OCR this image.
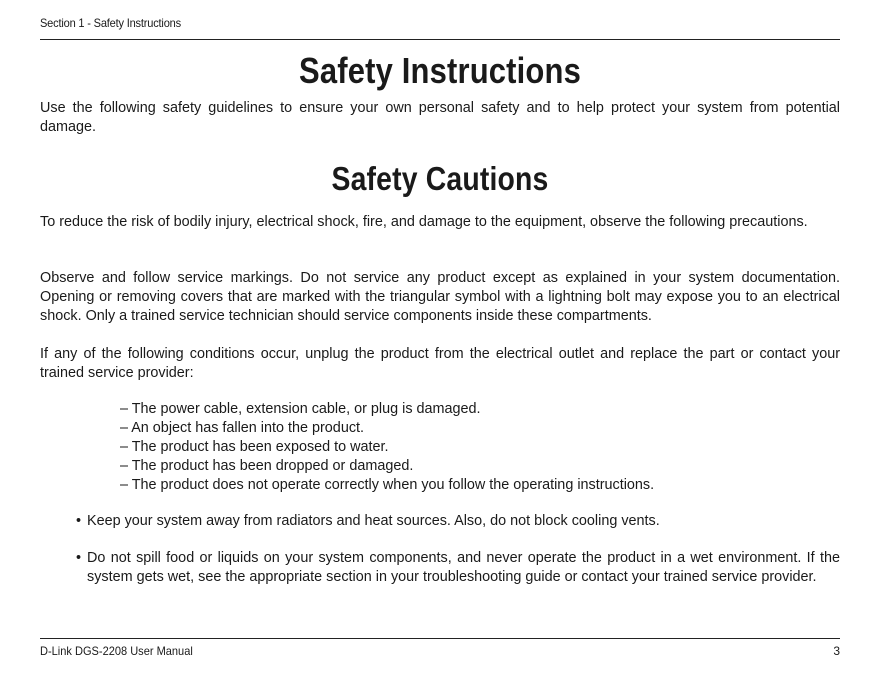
Section 1 - Safety Instructions
Safety Instructions

Use the following safety guidelines to ensure your own personal safety and to help protect your system from potential damage.

Safety Cautions

To reduce the risk of bodily injury, electrical shock, fire, and damage to the equipment, observe the following precautions.

Observe and follow service markings. Do not service any product except as explained in your system documentation. Opening or removing covers that are marked with the triangular symbol with a lightning bolt may expose you to an electrical shock. Only a trained service technician should service components inside these compartments.

If any of the following conditions occur, unplug the product from the electrical outlet and replace the part or contact your trained service provider:

– The power cable, extension cable, or plug is damaged.
– An object has fallen into the product.
– The product has been exposed to water.
– The product has been dropped or damaged.
– The product does not operate correctly when you follow the operating instructions.
• Keep your system away from radiators and heat sources. Also, do not block cooling vents.
• Do not spill food or liquids on your system components, and never operate the product in a wet environment. If the system gets wet, see the appropriate section in your troubleshooting guide or contact your trained service provider.
D-Link DGS-2208 User Manual	3
